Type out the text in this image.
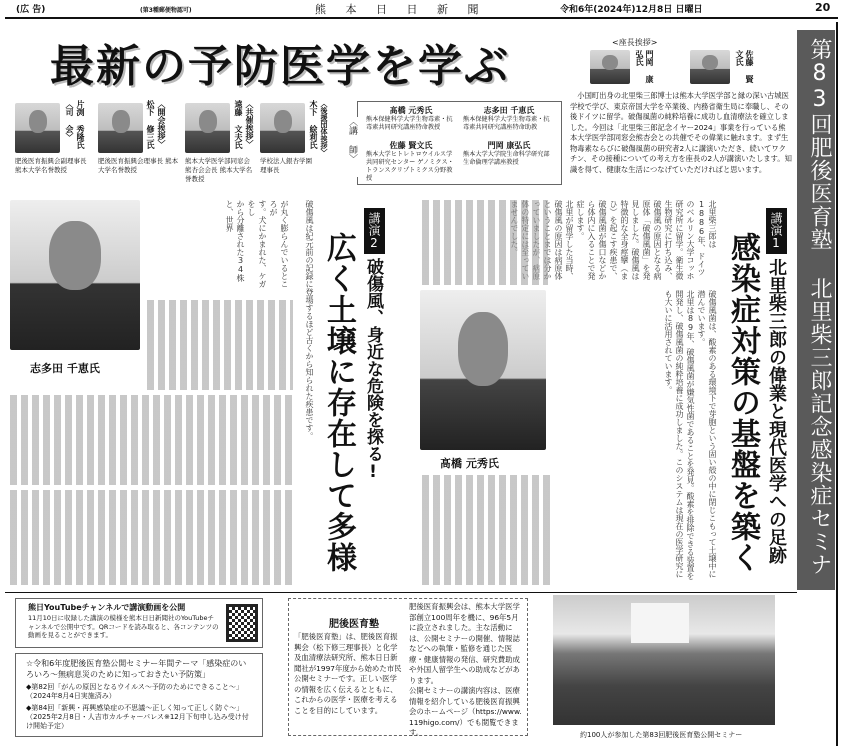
(広 告)	(第3種郵便物認可)	熊 本 日 日 新 聞	令和6年(2024年)12月8日 日曜日	20
最新の予防医学を学ぶ	第83回肥後医育塾 北里柴三郎記念感染症セミナー
<座長挨拶>
門岡 康弘氏	佐藤 賢文氏
小国町出身の北里柴三郎博士は熊本大学医学部と縁の深い古城医学校で学び、東京帝国大学を卒業後、内務省衛生局に奉職し、その後ドイツに留学。破傷風菌の純粋培養に成功し血清療法を確立しました。今回は「北里柴三郎記念イヤー2024」事業を行っている熊本大学医学部同窓会熊杏会との共催でその偉業に触れます。まず生物毒素ならびに破傷風菌の研究者2人に講演いただき、続いてワクチン、その接種についての考え方を座長の2人が講演いたします。知識を得て、健康な生活につなげていただければと思います。
〈司 会〉 片渕 秀隆氏
肥後医育振興会副理事長 熊本大学名誉教授
松下 修三氏 〈開会挨拶〉
肥後医育振興会理事長 熊本大学名誉教授
遠藤 文夫氏 〈共催挨拶〉
熊本大学医学部同窓会 熊杏会会長 熊本大学名誉教授
木下 絵莉氏 〈後援団体挨拶〉
学校法人銀杏学園 理事長
〈講 師〉
髙橋 元秀氏
熊本保健科学大学生物毒素・抗毒素共同研究講座特命教授
志多田 千恵氏
熊本保健科学大学生物毒素・抗毒素共同研究講座特命助教
佐藤 賢文氏
熊本大学ヒトレトロウイルス学共同研究センター ゲノミクス・トランスクリプトミクス分野教授
門岡 康弘氏
熊本大学大学院生命科学研究部生命倫理学講座教授
講演1
北里柴三郎の偉業と現代医学への足跡
感染症対策の基盤を築く

北里柴三郎は1886年、ドイツのベルリン大学コッホ研究所に留学。衛生微生物研究に打ち込み、破傷風の原因となる病原体「破傷風菌」を発見しました。破傷風は特徴的な全身痙攣（まひ）を起こす疾患で、破傷風菌が傷口などから体内に入ることで発症します。

北里が留学した当時、破傷風の原因は病原体

破傷風菌は、酸素のある環境下で芽胞という固い殻の中に閉じこもって土壌中に潜んでいます。

北里は89年、破傷風菌が嫌気性菌であることを発見。酸素を排除できる装置を開発し、破傷風菌の純粋培養に成功しました。このシステムは現在の医学研究にも大いに活用されています。

髙橋 元秀氏
講演2
破傷風、身近な危険を探る!
広く土壌に存在して多様

破傷風は紀元前の記録に登場するほど古くから知られた疾患です。

が丸く膨らんでいるところが

す。犬にかまれた、ケガをし

から分離された34株と、世界

志多田 千恵氏
熊日YouTubeチャンネルで講演動画を公開
11月10日に収録した講演の模様を熊本日日新聞社のYouTubeチャンネルで公開中です。QRコードを読み取ると、各コンテンツの動画を見ることができます。
☆令和6年度肥後医育塾公開セミナー年間テーマ「感染症のいろいろ〜無病息災のために知っておきたい予防策」
◆第82回「がんの原因となるウイルス〜予防のためにできること〜」（2024年8月4日実施済み）
◆第84回「新興・再興感染症の不思議〜正しく知って正しく防ぐ〜」（2025年2月8日・人吉市カルチャーパレス※12月下旬申し込み受け付け開始予定）
肥後医育塾
「肥後医育塾」は、肥後医育振興会（松下修三理事長）と化学及血清療法研究所、熊本日日新聞社が1997年度から始めた市民公開セミナーです。正しい医学の情報を広く伝えるとともに、これからの医学・医療を考えることを目的にしています。
肥後医育振興会は、熊本大学医学部創立100周年を機に、96年5月に設立されました。主な活動には、公開セミナーの開催、情報誌などへの執筆・監修を通じた医療・健康情報の発信、研究費助成や外国人留学生への助成などがあります。
公開セミナーの講演内容は、医療情報を紹介している肥後医育振興会のホームページ（https://www.119higo.com/）でも閲覧できます。	約100人が参加した第83回肥後医育塾公開セミナー
